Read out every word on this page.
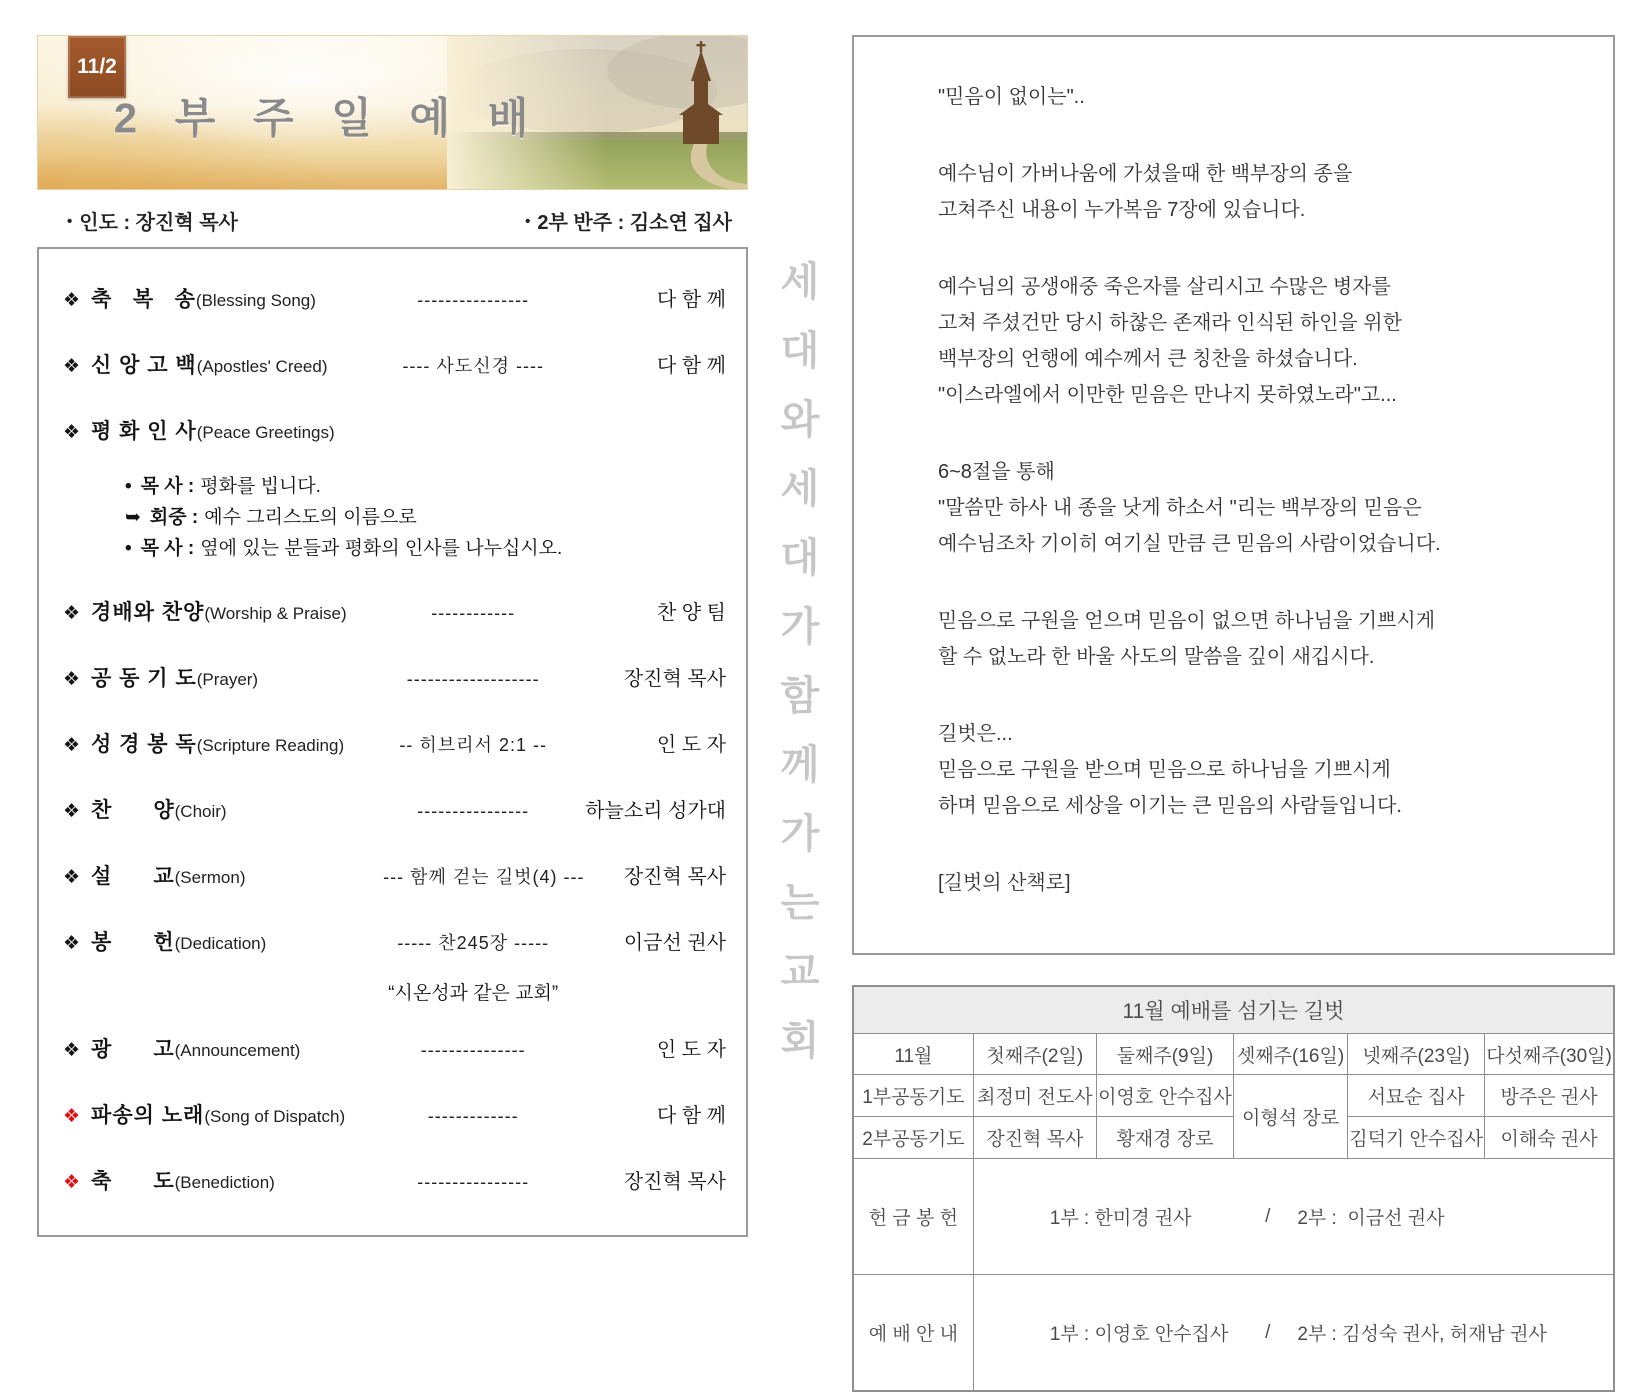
11/2
2 부 주 일 예 배
• 인도 : 장진혁 목사	• 2부 반주 : 김소연 집사
❖ 축   복   송(Blessing Song)	----------------	다 함 께
❖ 신 앙 고 백(Apostles' Creed)	---- 사도신경 ----	다 함 께
❖ 평 화 인 사(Peace Greetings)
• 목 사 : 평화를 빕니다.
➥ 회중 : 예수 그리스도의 이름으로
• 목 사 : 옆에 있는 분들과 평화의 인사를 나누십시오.
❖ 경배와 찬양(Worship & Praise)	------------	찬 양 팀
❖ 공 동 기 도(Prayer)	-------------------	장진혁 목사
❖ 성 경 봉 독(Scripture Reading)	-- 히브리서 2:1 --	인 도 자
❖ 찬      양(Choir)	----------------	하늘소리 성가대
❖ 설      교(Sermon)	--- 함께 걷는 길벗(4) ---	장진혁 목사
❖ 봉      헌(Dedication)	----- 찬245장 -----	이금선 권사
“시온성과 같은 교회”
❖ 광      고(Announcement)	---------------	인 도 자
❖ 파송의 노래(Song of Dispatch)	-------------	다 함 께
❖ 축      도(Benediction)	----------------	장진혁 목사
세
대
와
세
대
가
함
께
가
는
교
회
"믿음이 없이는"..
예수님이 가버나움에 가셨을때 한 백부장의 종을
고쳐주신 내용이 누가복음 7장에 있습니다.
예수님의 공생애중 죽은자를 살리시고 수많은 병자를
고쳐 주셨건만 당시 하찮은 존재라 인식된 하인을 위한
백부장의 언행에 예수께서 큰 칭찬을 하셨습니다.
"이스라엘에서 이만한 믿음은 만나지 못하였노라"고...
6~8절을 통해
"말씀만 하사 내 종을 낫게 하소서 "리는 백부장의 믿음은
예수님조차 기이히 여기실 만큼 큰 믿음의 사람이었습니다.
믿음으로 구원을 얻으며 믿음이 없으면 하나님을 기쁘시게
할 수 없노라 한 바울 사도의 말씀을 깊이 새깁시다.
길벗은...
믿음으로 구원을 받으며 믿음으로 하나님을 기쁘시게
하며 믿음으로 세상을 이기는 큰 믿음의 사람들입니다.
[길벗의 산책로]
11월 예배를 섬기는 길벗					
11월	첫째주(2일)	둘째주(9일)	셋째주(16일)	넷째주(23일)	다섯째주(30일)
1부공동기도	최정미 전도사	이영호 안수집사	이형석 장로	서묘순 집사	방주은 권사
2부공동기도	장진혁 목사	황재경 장로		김덕기 안수집사	이해숙 권사
헌 금 봉 헌	1부 : 한미경 권사 / 2부 :  이금선 권사				

예 배 안 내	1부 : 이영호 안수집사 / 2부 : 김성숙 권사, 허재남 권사				
